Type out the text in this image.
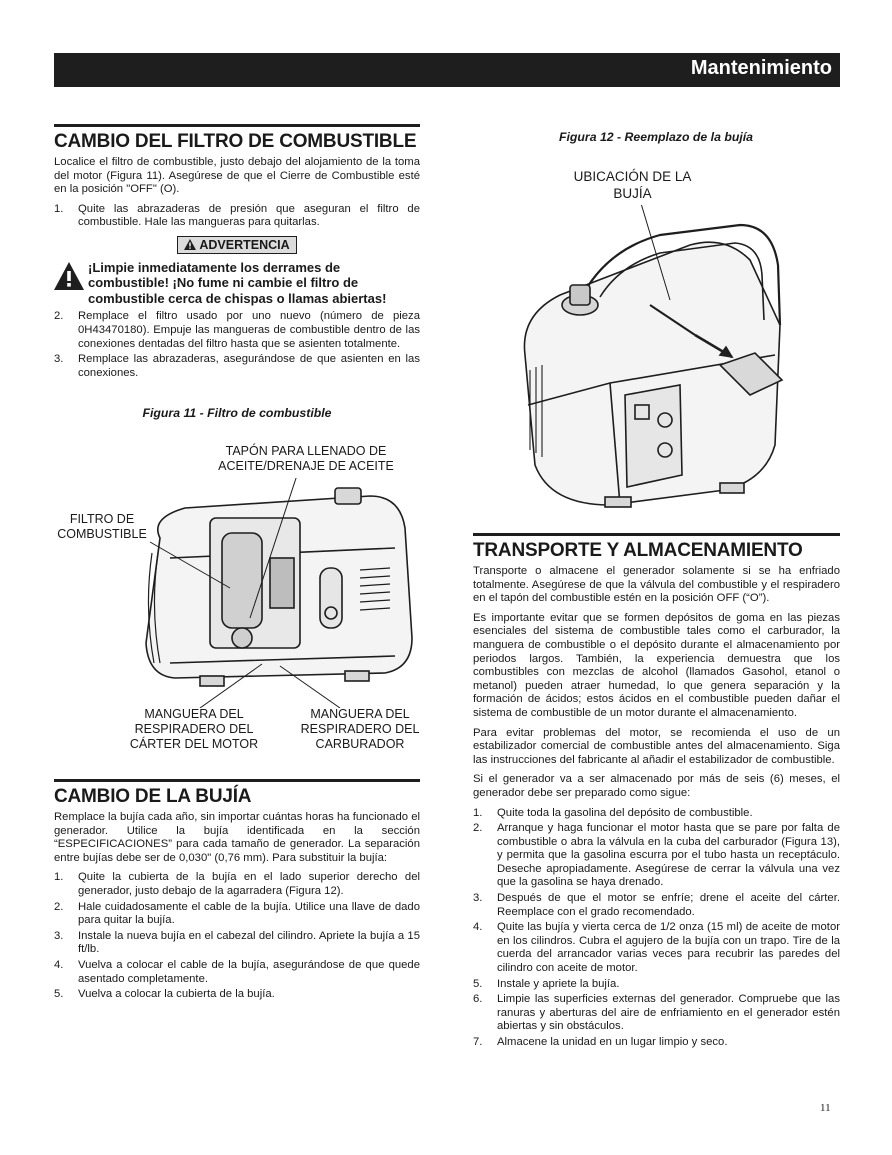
Mantenimiento
CAMBIO DEL FILTRO DE COMBUSTIBLE

Localice el filtro de combustible, justo debajo del alojamiento de la toma del motor (Figura 11). Asegúrese de que el Cierre de Combustible esté en la posición "OFF" (O).

1.	Quite las abrazaderas de presión que aseguran el filtro de combustible. Hale las mangueras para quitarlas.
ADVERTENCIA
¡Limpie inmediatamente los derrames de combustible! ¡No fume ni cambie el filtro de combustible cerca de chispas o llamas abiertas!
2.	Remplace el filtro usado por uno nuevo (número de pieza 0H43470180). Empuje las mangueras de combustible dentro de las conexiones dentadas del filtro hasta que se asienten totalmente.
3.	Remplace las abrazaderas, asegurándose de que asienten en las conexiones.
Figura 11 - Filtro de combustible
TAPÓN PARA LLENADO DE ACEITE/DRENAJE DE ACEITE
FILTRO DE COMBUSTIBLE
MANGUERA DEL RESPIRADERO DEL CÁRTER DEL MOTOR
MANGUERA DEL RESPIRADERO DEL CARBURADOR
CAMBIO DE LA BUJÍA

Remplace la bujía cada año, sin importar cuántas horas ha funcionado el generador. Utilice la bujía identificada en la sección “ESPECIFICACIONES” para cada tamaño de generador. La separación entre bujías debe ser de 0,030" (0,76 mm). Para substituir la bujía:

1.	Quite la cubierta de la bujía en el lado superior derecho del generador, justo debajo de la agarradera (Figura 12).
2.	Hale cuidadosamente el cable de la bujía. Utilice una llave de dado para quitar la bujía.
3.	Instale la nueva bujía en el cabezal del cilindro. Apriete la bujía a 15 ft/lb.
4.	Vuelva a colocar el cable de la bujía, asegurándose de que quede asentado completamente.
5.	Vuelva a colocar la cubierta de la bujía.
Figura 12 - Reemplazo de la bujía
UBICACIÓN DE LA BUJÍA
TRANSPORTE Y ALMACENAMIENTO

Transporte o almacene el generador solamente si se ha enfriado totalmente. Asegúrese de que la válvula del combustible y el respiradero en el tapón del combustible estén en la posición OFF (“O”).

Es importante evitar que se formen depósitos de goma en las piezas esenciales del sistema de combustible tales como el carburador, la manguera de combustible o el depósito durante el almacenamiento por periodos largos. También, la experiencia demuestra que los combustibles con mezclas de alcohol (llamados Gasohol, etanol o metanol) pueden atraer humedad, lo que genera separación y la formación de ácidos; estos ácidos en el combustible pueden dañar el sistema de combustible de un motor durante el almacenamiento.

Para evitar problemas del motor, se recomienda el uso de un estabilizador comercial de combustible antes del almacenamiento. Siga las instrucciones del fabricante al añadir el estabilizador de combustible.

Si el generador va a ser almacenado por más de seis (6) meses, el generador debe ser preparado como sigue:

1.	Quite toda la gasolina del depósito de combustible.
2.	Arranque y haga funcionar el motor hasta que se pare por falta de combustible o abra la válvula en la cuba del carburador (Figura 13), y permita que la gasolina escurra por el tubo hasta un receptáculo. Deseche apropiadamente. Asegúrese de cerrar la válvula una vez que la gasolina se haya drenado.
3.	Después de que el motor se enfríe; drene el aceite del cárter. Reemplace con el grado recomendado.
4.	Quite las bujía y vierta cerca de 1/2 onza (15 ml) de aceite de motor en los cilindros. Cubra el agujero de la bujía con un trapo. Tire de la cuerda del arrancador varias veces para recubrir las paredes del cilindro con aceite de motor.
5.	Instale y apriete la bujía.
6.	Limpie las superficies externas del generador. Compruebe que las ranuras y aberturas del aire de enfriamiento en el generador estén abiertas y sin obstáculos.
7.	Almacene la unidad en un lugar limpio y seco.
11
